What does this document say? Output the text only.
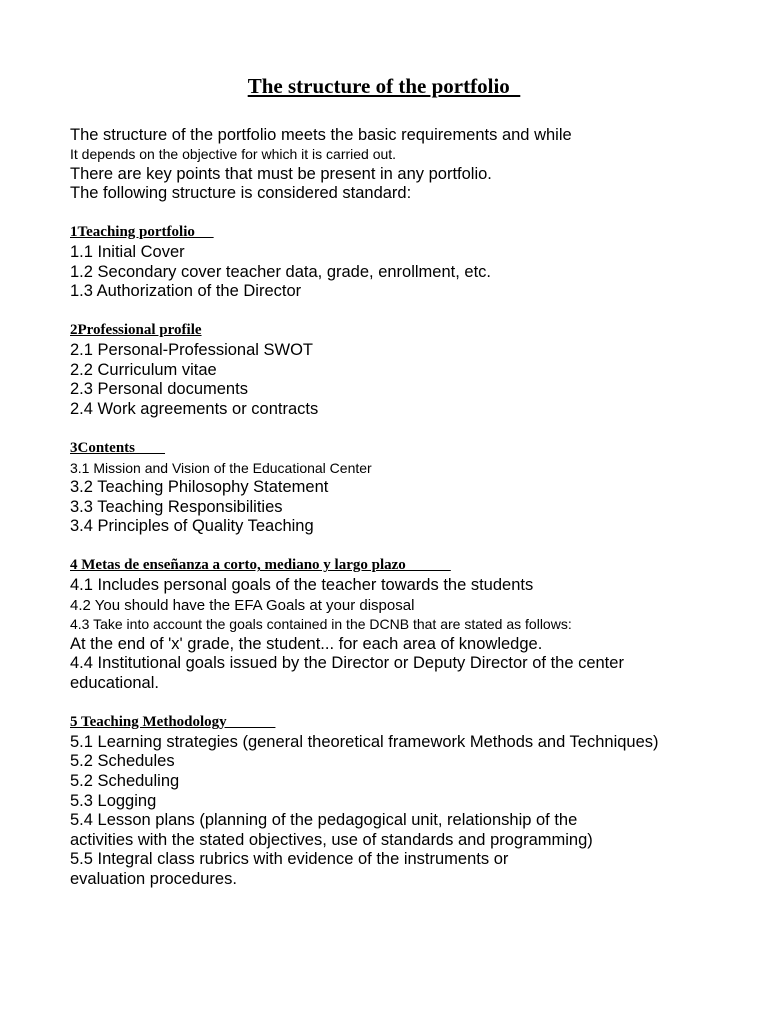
The structure of the portfolio

The structure of the portfolio meets the basic requirements and while

It depends on the objective for which it is carried out.

There are key points that must be present in any portfolio.

The following structure is considered standard:

1Teaching portfolio

1.1 Initial Cover

1.2 Secondary cover teacher data, grade, enrollment, etc.

1.3 Authorization of the Director

2Professional profile

2.1 Personal-Professional SWOT

2.2 Curriculum vitae

2.3 Personal documents

2.4 Work agreements or contracts

3Contents

3.1 Mission and Vision of the Educational Center

3.2 Teaching Philosophy Statement

3.3 Teaching Responsibilities

3.4 Principles of Quality Teaching

4 Metas de enseñanza a corto, mediano y largo plazo

4.1 Includes personal goals of the teacher towards the students

4.2 You should have the EFA Goals at your disposal

4.3 Take into account the goals contained in the DCNB that are stated as follows:

At the end of 'x' grade, the student... for each area of knowledge.

4.4 Institutional goals issued by the Director or Deputy Director of the center

educational.

5 Teaching Methodology

5.1 Learning strategies (general theoretical framework Methods and Techniques)

5.2 Schedules

5.2 Scheduling

5.3 Logging

5.4 Lesson plans (planning of the pedagogical unit, relationship of the

activities with the stated objectives, use of standards and programming)

5.5 Integral class rubrics with evidence of the instruments or

evaluation procedures.
